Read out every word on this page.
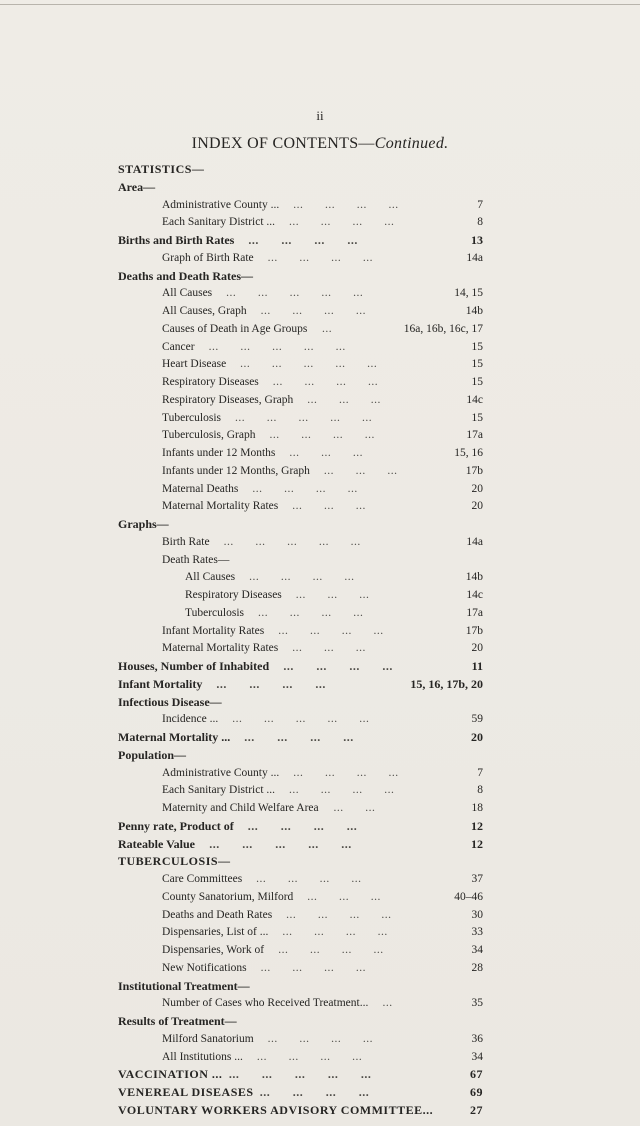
ii
INDEX OF CONTENTS—Continued.
STATISTICS—
Area—
Administrative County ...	7
...   ...   ...   ...  
Each Sanitary District ...	8
...   ...   ...   ...  
Births and Birth Rates	13
...   ...   ...   ...  
Graph of Birth Rate	14a
...   ...   ...   ...  
Deaths and Death Rates—
All Causes	14, 15
...   ...   ...   ...   ...  
All Causes, Graph	14b
...   ...   ...   ...  
Causes of Death in Age Groups	16a, 16b, 16c, 17
...  
Cancer	15
...   ...   ...   ...   ...  
Heart Disease	15
...   ...   ...   ...   ...  
Respiratory Diseases	15
...   ...   ...   ...  
Respiratory Diseases, Graph	14c
...   ...   ...  
Tuberculosis	15
...   ...   ...   ...   ...  
Tuberculosis, Graph	17a
...   ...   ...   ...  
Infants under 12 Months	15, 16
...   ...   ...  
Infants under 12 Months, Graph	17b
...   ...   ...  
Maternal Deaths	20
...   ...   ...   ...  
Maternal Mortality Rates	20
...   ...   ...  
Graphs—
Birth Rate	14a
...   ...   ...   ...   ...  
Death Rates—
All Causes	14b
...   ...   ...   ...  
Respiratory Diseases	14c
...   ...   ...  
Tuberculosis	17a
...   ...   ...   ...  
Infant Mortality Rates	17b
...   ...   ...   ...  
Maternal Mortality Rates	20
...   ...   ...  
Houses, Number of Inhabited	11
...   ...   ...   ...  
Infant Mortality	15, 16, 17b, 20
...   ...   ...   ...  
Infectious Disease—
Incidence ...	59
...   ...   ...   ...   ...  
Maternal Mortality ...	20
...   ...   ...   ...  
Population—
Administrative County ...	7
...   ...   ...   ...  
Each Sanitary District ...	8
...   ...   ...   ...  
Maternity and Child Welfare Area	18
...   ...  
Penny rate, Product of	12
...   ...   ...   ...  
Rateable Value	12
...   ...   ...   ...   ...  
TUBERCULOSIS—
Care Committees	37
...   ...   ...   ...  
County Sanatorium, Milford	40–46
...   ...   ...  
Deaths and Death Rates	30
...   ...   ...   ...  
Dispensaries, List of ...	33
...   ...   ...   ...  
Dispensaries, Work of	34
...   ...   ...   ...  
New Notifications	28
...   ...   ...   ...  
Institutional Treatment—
Number of Cases who Received Treatment...	35
...  
Results of Treatment—
Milford Sanatorium	36
...   ...   ...   ...  
All Institutions ...	34
...   ...   ...   ...  
VACCINATION ...	67
...   ...   ...   ...   ...  
VENEREAL DISEASES	69
...   ...   ...   ...  
VOLUNTARY WORKERS ADVISORY COMMITTEE...	27
